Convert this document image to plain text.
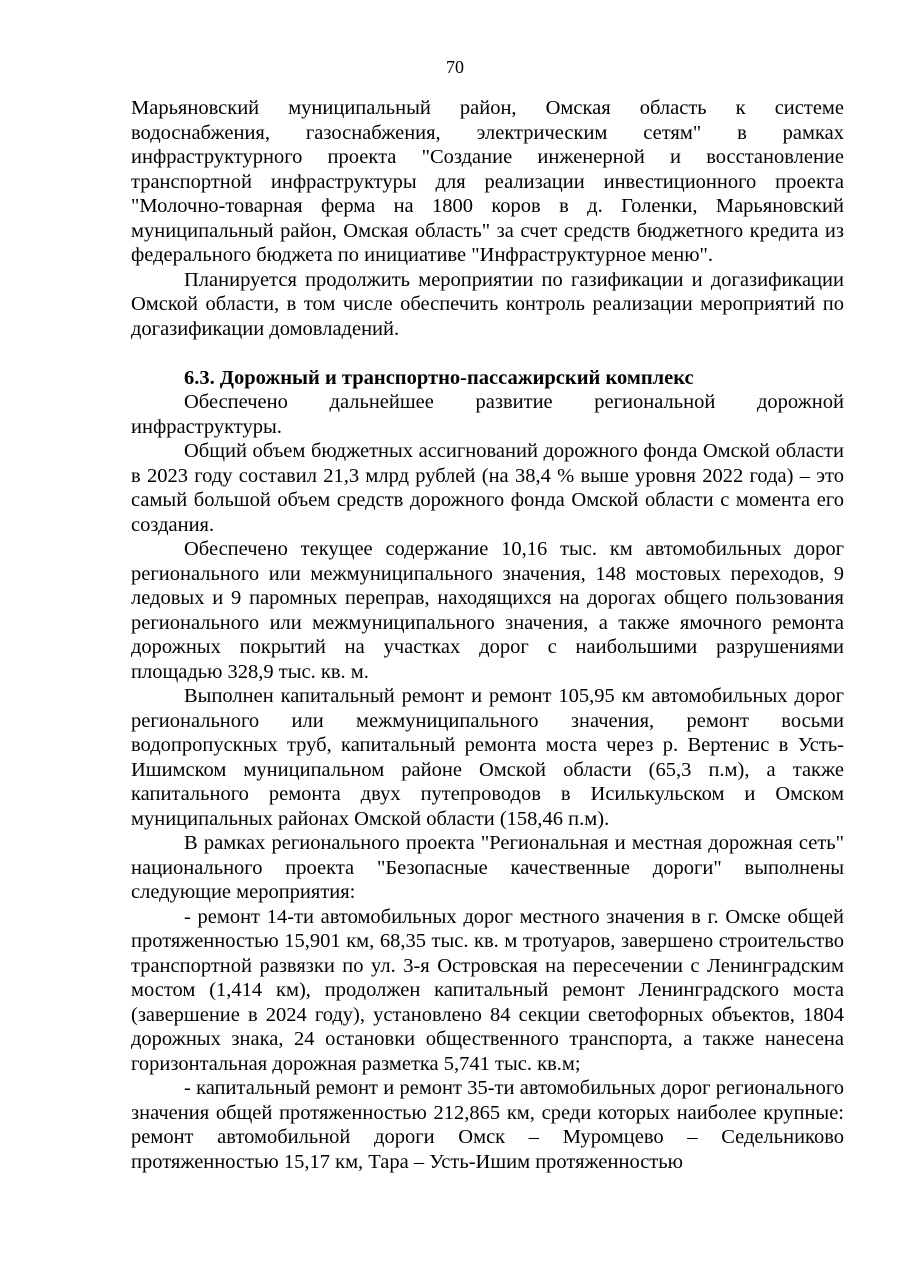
70

Марьяновский муниципальный район, Омская область к системе водоснабжения, газоснабжения, электрическим сетям" в рамках инфраструктурного проекта "Создание инженерной и восстановление транспортной инфраструктуры для реализации инвестиционного проекта "Молочно-товарная ферма на 1800 коров в д. Голенки, Марьяновский муниципальный район, Омская область" за счет средств бюджетного кредита из федерального бюджета по инициативе "Инфраструктурное меню".

Планируется продолжить мероприятии по газификации и догазификации Омской области, в том числе обеспечить контроль реализации мероприятий по догазификации домовладений.

6.3. Дорожный и транспортно-пассажирский комплекс

Обеспечено дальнейшее развитие региональной дорожной инфраструктуры.

Общий объем бюджетных ассигнований дорожного фонда Омской области в 2023 году составил 21,3 млрд рублей (на 38,4 % выше уровня 2022 года) – это самый большой объем средств дорожного фонда Омской области с момента его создания.

Обеспечено текущее содержание 10,16 тыс. км автомобильных дорог регионального или межмуниципального значения, 148 мостовых переходов, 9 ледовых и 9 паромных переправ, находящихся на дорогах общего пользования регионального или межмуниципального значения, а также ямочного ремонта дорожных покрытий на участках дорог с наибольшими разрушениями площадью 328,9 тыс. кв. м.

Выполнен капитальный ремонт и ремонт 105,95 км автомобильных дорог регионального или межмуниципального значения, ремонт восьми водопропускных труб, капитальный ремонта моста через р. Вертенис в Усть-Ишимском муниципальном районе Омской области (65,3 п.м), а также капитального ремонта двух путепроводов в Исилькульском и Омском муниципальных районах Омской области (158,46 п.м).

В рамках регионального проекта "Региональная и местная дорожная сеть" национального проекта "Безопасные качественные дороги" выполнены следующие мероприятия:

- ремонт 14-ти автомобильных дорог местного значения в г. Омске общей протяженностью 15,901 км, 68,35 тыс. кв. м тротуаров, завершено строительство транспортной развязки по ул. 3-я Островская на пересечении с Ленинградским мостом (1,414 км), продолжен капитальный ремонт Ленинградского моста (завершение в 2024 году), установлено 84 секции светофорных объектов, 1804 дорожных знака, 24 остановки общественного транспорта, а также нанесена горизонтальная дорожная разметка 5,741 тыс. кв.м;

- капитальный ремонт и ремонт 35-ти автомобильных дорог регионального значения общей протяженностью 212,865 км, среди которых наиболее крупные: ремонт автомобильной дороги Омск – Муромцево – Седельниково протяженностью 15,17 км, Тара – Усть-Ишим протяженностью
